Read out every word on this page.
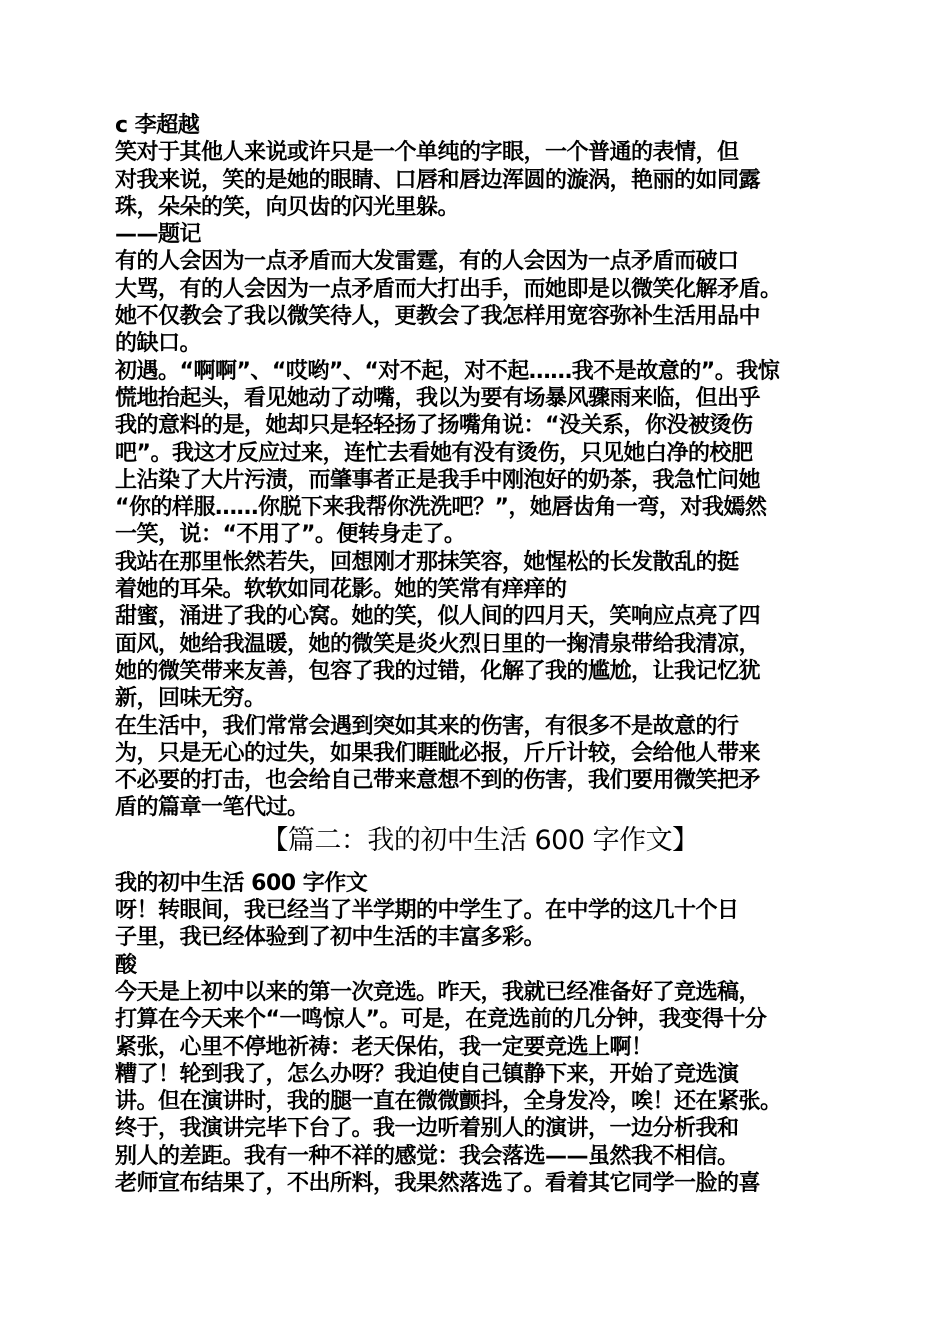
c 李超越
笑对于其他人来说或许只是一个单纯的字眼，一个普通的表情，但
对我来说，笑的是她的眼睛、口唇和唇边浑圆的漩涡，艳丽的如同露
珠，朵朵的笑，向贝齿的闪光里躲。
——题记
有的人会因为一点矛盾而大发雷霆，有的人会因为一点矛盾而破口
大骂，有的人会因为一点矛盾而大打出手，而她即是以微笑化解矛盾。
她不仅教会了我以微笑待人，更教会了我怎样用宽容弥补生活用品中
的缺口。
初遇。“啊啊”、“哎哟”、“对不起，对不起……我不是故意的”。我惊
慌地抬起头，看见她动了动嘴，我以为要有场暴风骤雨来临，但出乎
我的意料的是，她却只是轻轻扬了扬嘴角说：“没关系，你没被烫伤
吧”。我这才反应过来，连忙去看她有没有烫伤，只见她白净的校肥
上沾染了大片污渍，而肇事者正是我手中刚泡好的奶茶，我急忙问她
“你的样服……你脱下来我帮你洗洗吧？”，她唇齿角一弯，对我嫣然
一笑，说：“不用了”。便转身走了。
我站在那里怅然若失，回想刚才那抹笑容，她惺松的长发散乱的挺
着她的耳朵。软软如同花影。她的笑常有痒痒的
甜蜜，涌进了我的心窝。她的笑，似人间的四月天，笑响应点亮了四
面风，她给我温暖，她的微笑是炎火烈日里的一掬清泉带给我清凉，
她的微笑带来友善，包容了我的过错，化解了我的尴尬，让我记忆犹
新，回味无穷。
在生活中，我们常常会遇到突如其来的伤害，有很多不是故意的行
为，只是无心的过失，如果我们睚眦必报，斤斤计较，会给他人带来
不必要的打击，也会给自己带来意想不到的伤害，我们要用微笑把矛
盾的篇章一笔代过。
【篇二：我的初中生活 600 字作文】
我的初中生活 600 字作文
呀！转眼间，我已经当了半学期的中学生了。在中学的这几十个日
子里，我已经体验到了初中生活的丰富多彩。
酸
今天是上初中以来的第一次竞选。昨天，我就已经准备好了竞选稿，
打算在今天来个“一鸣惊人”。可是，在竞选前的几分钟，我变得十分
紧张，心里不停地祈祷：老天保佑，我一定要竞选上啊！
糟了！轮到我了，怎么办呀？我迫使自己镇静下来，开始了竞选演
讲。但在演讲时，我的腿一直在微微颤抖，全身发冷，唉！还在紧张。
终于，我演讲完毕下台了。我一边听着别人的演讲，一边分析我和
别人的差距。我有一种不祥的感觉：我会落选——虽然我不相信。
老师宣布结果了，不出所料，我果然落选了。看着其它同学一脸的喜
